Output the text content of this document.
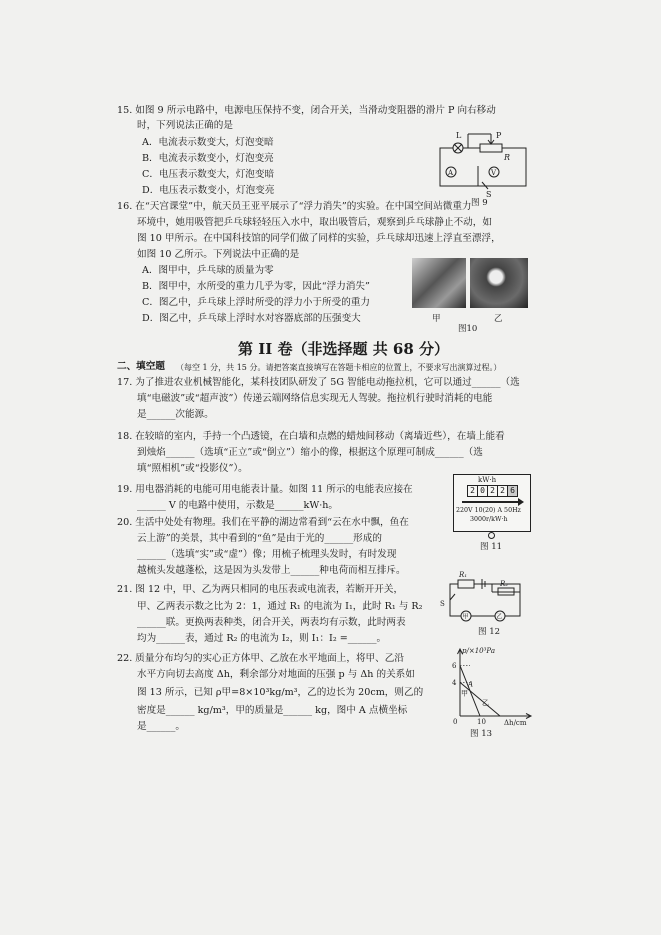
15. 如图 9 所示电路中，电源电压保持不变，闭合开关，当滑动变阻器的滑片 P 向右移动
时，下列说法正确的是
A．电流表示数变大，灯泡变暗
B．电流表示数变小，灯泡变亮
C．电压表示数变大，灯泡变暗
D．电压表示数变小，灯泡变亮
L	P
R
A	V
S
图 9
16. 在“天宫课堂”中，航天员王亚平展示了“浮力消失”的实验。在中国空间站微重力
环境中，她用吸管把乒乓球轻轻压入水中，取出吸管后，观察到乒乓球静止不动，如
图 10 甲所示。在中国科技馆的同学们做了同样的实验，乒乓球却迅速上浮直至漂浮，
如图 10 乙所示。下列说法中正确的是
A．图甲中，乒乓球的质量为零
B．图甲中，水所受的重力几乎为零，因此“浮力消失”
C．图乙中，乒乓球上浮时所受的浮力小于所受的重力
D．图乙中，乒乓球上浮时水对容器底部的压强变大	甲	乙
图10
第 II 卷（非选择题 共 68 分）
二、填空题 （每空 1 分，共 15 分。请把答案直接填写在答题卡相应的位置上，不要求写出演算过程。）
17. 为了推进农业机械智能化，某科技团队研发了 5G 智能电动拖拉机，它可以通过______（选
填“电磁波”或“超声波”）传递云端网络信息实现无人驾驶。拖拉机行驶时消耗的电能
是______次能源。
18. 在较暗的室内，手持一个凸透镜，在白墙和点燃的蜡烛间移动（离墙近些），在墙上能看
到烛焰______（选填“正立”或“倒立”）缩小的像，根据这个原理可制成______（选
填“照相机”或“投影仪”）。
19. 用电器消耗的电能可用电能表计量。如图 11 所示的电能表应接在
______ V 的电路中使用，示数是______kW·h。
kW·h
2 0 2 2 6
220V 10(20) A 50Hz
3000r/kW·h
图 11
20. 生活中处处有物理。我们在平静的湖边常看到“云在水中飘，鱼在
云上游”的美景，其中看到的“鱼”是由于光的______形成的
______（选填“实”或“虚”）像；用梳子梳理头发时，有时发现
越梳头发越蓬松，这是因为头发带上______种电荷而相互排斥。
21. 图 12 中，甲、乙为两只相同的电压表或电流表，若断开开关，
甲、乙两表示数之比为 2：1，通过 R₁ 的电流为 I₁，此时 R₁ 与 R₂
______联。更换两表种类，闭合开关，两表均有示数，此时两表
均为______表，通过 R₂ 的电流为 I₂，则 I₁：I₂ =______。
R₁
R₂
S
甲	乙
图 12
22. 质量分布均匀的实心正方体甲、乙放在水平地面上，将甲、乙沿
水平方向切去高度 Δh，剩余部分对地面的压强 p 与 Δh 的关系如
图 13 所示，已知 ρ甲=8×10³kg/m³，乙的边长为 20cm，则乙的
密度是______ kg/m³，甲的质量是______ kg，图中 A 点横坐标
是______。
甲
乙
6
4
0	10
A
p/×10³Pa
Δh/cm
图 13
